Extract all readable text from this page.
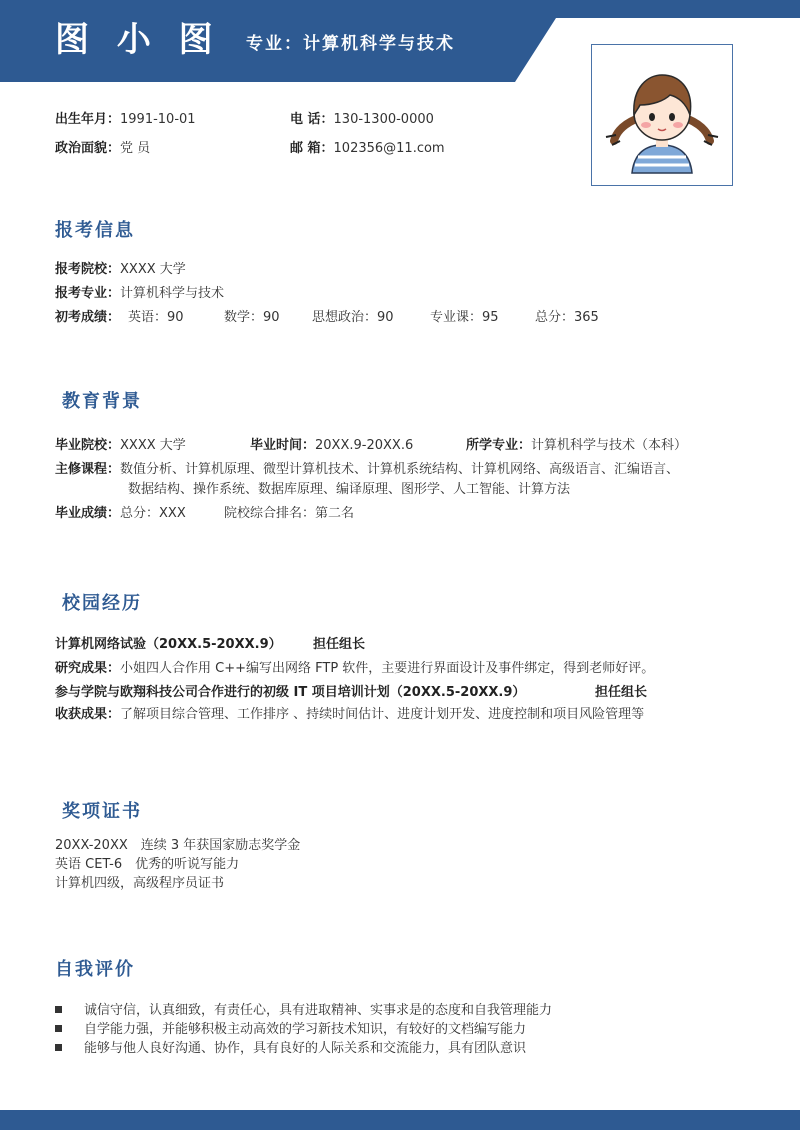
图 小 图 专业：计算机科学与技术
出生年月：1991-10-01
政治面貌：党 员
电 话：130-1300-0000
邮 箱：102356@11.com
报考信息
报考院校：XXXX 大学
报考专业：计算机科学与技术
初考成绩： 英语：90	数学：90 思想政治：90	专业课：95	总分：365
教育背景
毕业院校：XXXX 大学	毕业时间：20XX.9-20XX.6	所学专业：计算机科学与技术（本科）
主修课程：数值分析、计算机原理、微型计算机技术、计算机系统结构、计算机网络、高级语言、汇编语言、
数据结构、操作系统、数据库原理、编译原理、图形学、人工智能、计算方法
毕业成绩：总分：XXX	院校综合排名：第二名
校园经历
计算机网络试验（20XX.5-20XX.9） 担任组长
研究成果：小姐四人合作用 C++编写出网络 FTP 软件，主要进行界面设计及事件绑定，得到老师好评。
参与学院与欧翔科技公司合作进行的初级 IT 项目培训计划（20XX.5-20XX.9）	担任组长
收获成果：了解项目综合管理、工作排序 、持续时间估计、进度计划开发、进度控制和项目风险管理等
奖项证书
20XX-20XX　连续 3 年获国家励志奖学金
英语 CET-6　优秀的听说写能力
计算机四级，高级程序员证书
自我评价
诚信守信，认真细致，有责任心，具有进取精神、实事求是的态度和自我管理能力
自学能力强，并能够积极主动高效的学习新技术知识，有较好的文档编写能力
能够与他人良好沟通、协作，具有良好的人际关系和交流能力，具有团队意识
